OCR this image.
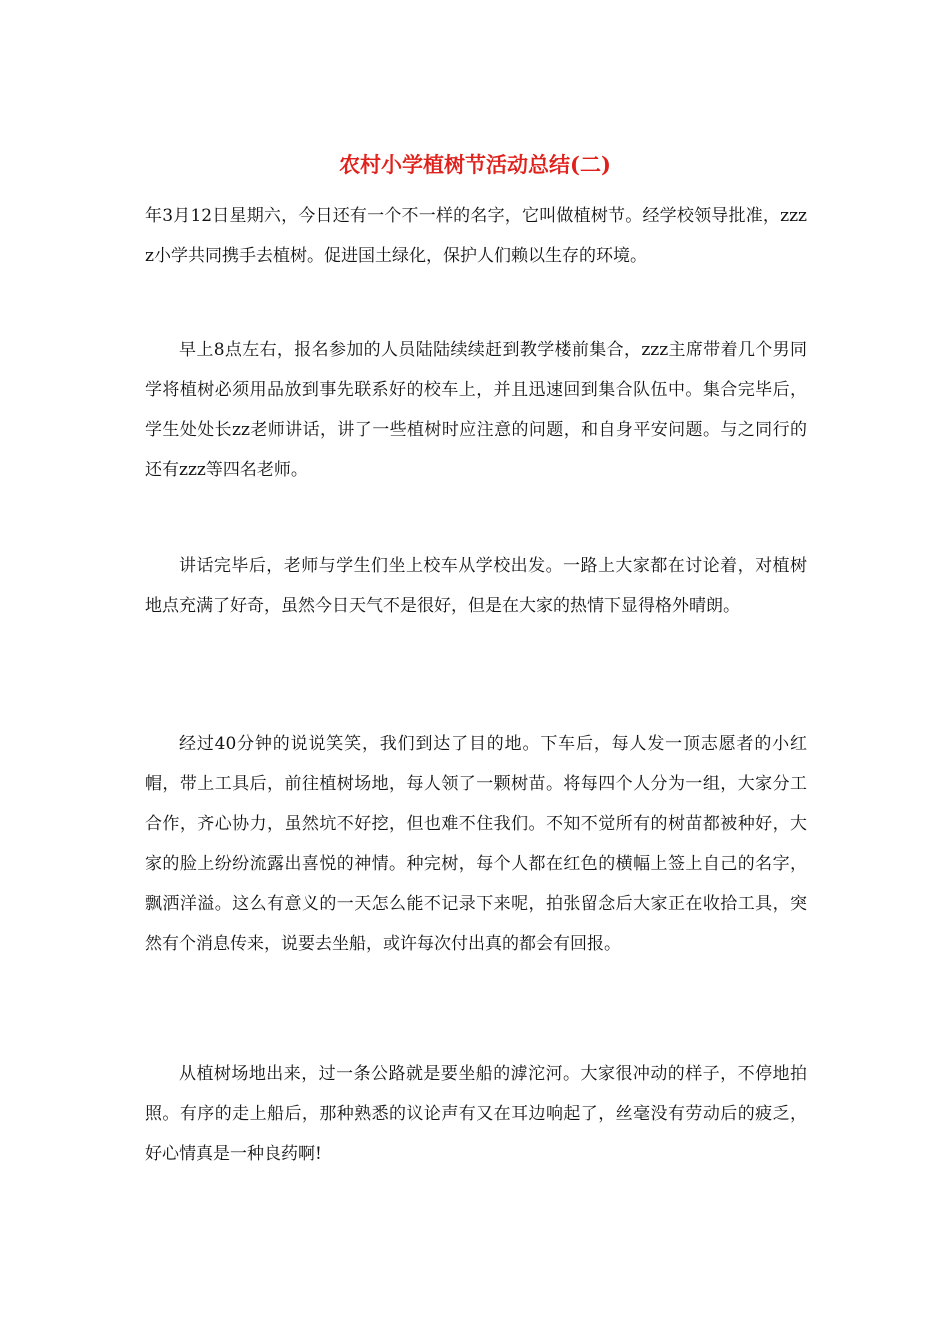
农村小学植树节活动总结(二)

年3月12日星期六，今日还有一个不一样的名字，它叫做植树节。经学校领导批准，zzzz小学共同携手去植树。促进国土绿化，保护人们赖以生存的环境。

早上8点左右，报名参加的人员陆陆续续赶到教学楼前集合，zzz主席带着几个男同学将植树必须用品放到事先联系好的校车上，并且迅速回到集合队伍中。集合完毕后，学生处处长zz老师讲话，讲了一些植树时应注意的问题，和自身平安问题。与之同行的还有zzz等四名老师。

讲话完毕后，老师与学生们坐上校车从学校出发。一路上大家都在讨论着，对植树地点充满了好奇，虽然今日天气不是很好，但是在大家的热情下显得格外晴朗。

经过40分钟的说说笑笑，我们到达了目的地。下车后，每人发一顶志愿者的小红帽，带上工具后，前往植树场地，每人领了一颗树苗。将每四个人分为一组，大家分工合作，齐心协力，虽然坑不好挖，但也难不住我们。不知不觉所有的树苗都被种好，大家的脸上纷纷流露出喜悦的神情。种完树，每个人都在红色的横幅上签上自己的名字，飘洒洋溢。这么有意义的一天怎么能不记录下来呢，拍张留念后大家正在收拾工具，突然有个消息传来，说要去坐船，或许每次付出真的都会有回报。

从植树场地出来，过一条公路就是要坐船的滹沱河。大家很冲动的样子，不停地拍照。有序的走上船后，那种熟悉的议论声有又在耳边响起了，丝毫没有劳动后的疲乏，好心情真是一种良药啊!
